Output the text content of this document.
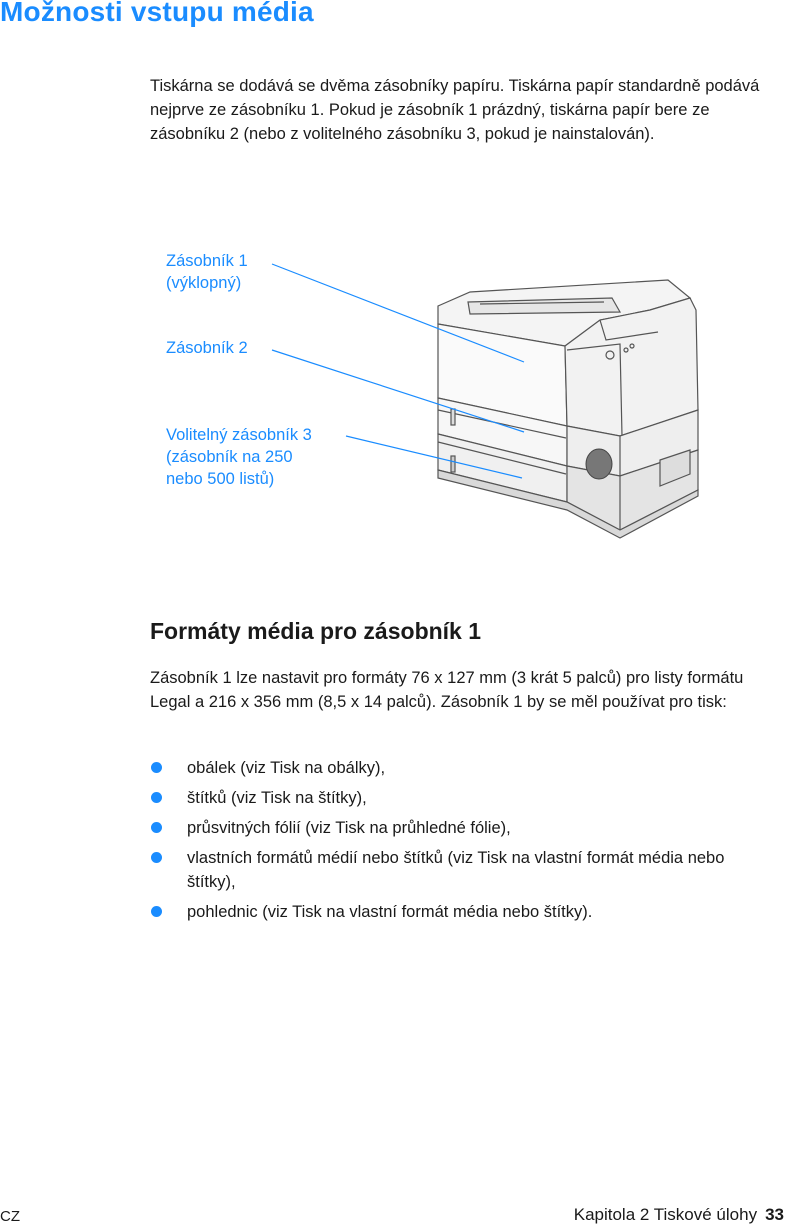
Možnosti vstupu média

Tiskárna se dodává se dvěma zásobníky papíru. Tiskárna papír standardně podává nejprve ze zásobníku 1. Pokud je zásobník 1 prázdný, tiskárna papír bere ze zásobníku 2 (nebo z volitelného zásobníku 3, pokud je nainstalován).

Zásobník 1
(výklopný)
Zásobník 2
Volitelný zásobník 3
(zásobník na 250
nebo 500 listů)
Formáty média pro zásobník 1

Zásobník 1 lze nastavit pro formáty 76 x 127 mm (3 krát 5 palců) pro listy formátu Legal a 216 x 356 mm (8,5 x 14 palců). Zásobník 1 by se měl používat pro tisk:

obálek (viz Tisk na obálky),
štítků (viz Tisk na štítky),
průsvitných fólií (viz Tisk na průhledné fólie),
vlastních formátů médií nebo štítků (viz Tisk na vlastní formát média nebo štítky),
pohlednic (viz Tisk na vlastní formát média nebo štítky).
CZ	Kapitola 2 Tiskové úlohy 33
